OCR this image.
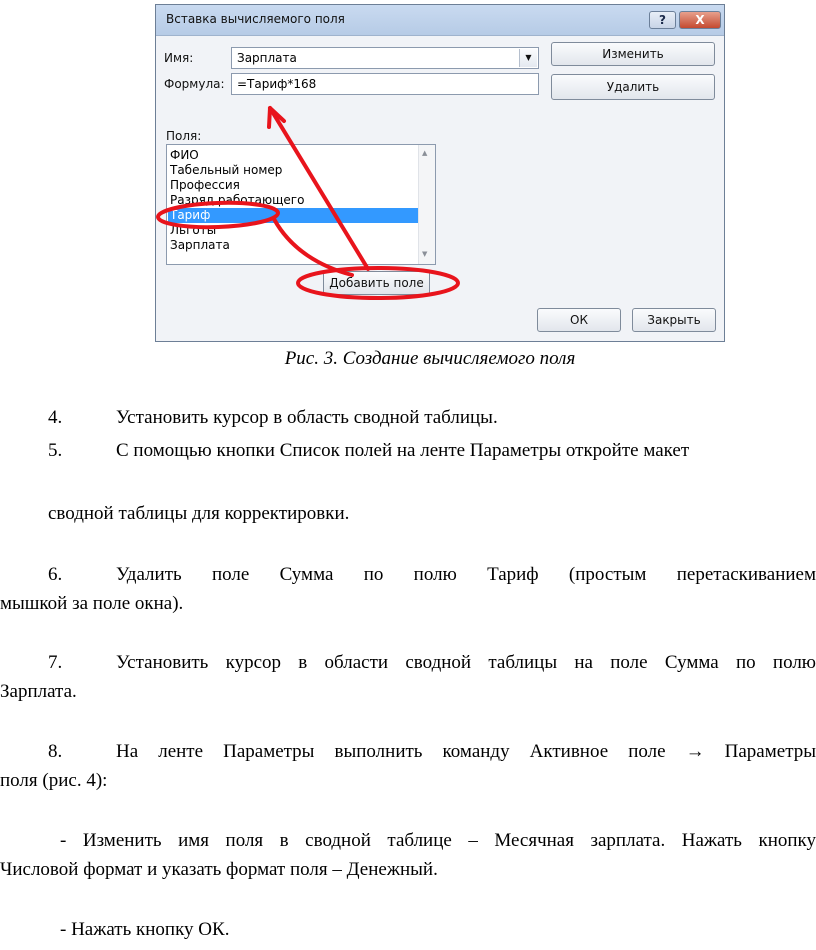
Вставка вычисляемого поля	?	X
Имя:	Зарплата	▼
Формула:	=Тариф*168
Изменить
Удалить
Поля:
ФИО
Табельный номер
Профессия
Разряд работающего
Тариф
Льготы
Зарплата
▲
▼
Добавить поле
ОК	Закрыть
Рис. 3. Создание вычисляемого поля
4.	Установить курсор в область сводной таблицы.
5.	С помощью кнопки Список полей на ленте Параметры откройте макет
сводной таблицы для корректировки.
6.	Удалить поле Сумма по полю Тариф (простым перетаскиванием
мышкой за поле окна).
7.	Установить курсор в области сводной таблицы на поле Сумма по полю
Зарплата.
8.	На ленте Параметры выполнить команду Активное поле → Параметры
поля (рис. 4):
- Изменить имя поля в сводной таблице – Месячная зарплата. Нажать кнопку
Числовой формат и указать формат поля – Денежный.
- Нажать кнопку ОК.
